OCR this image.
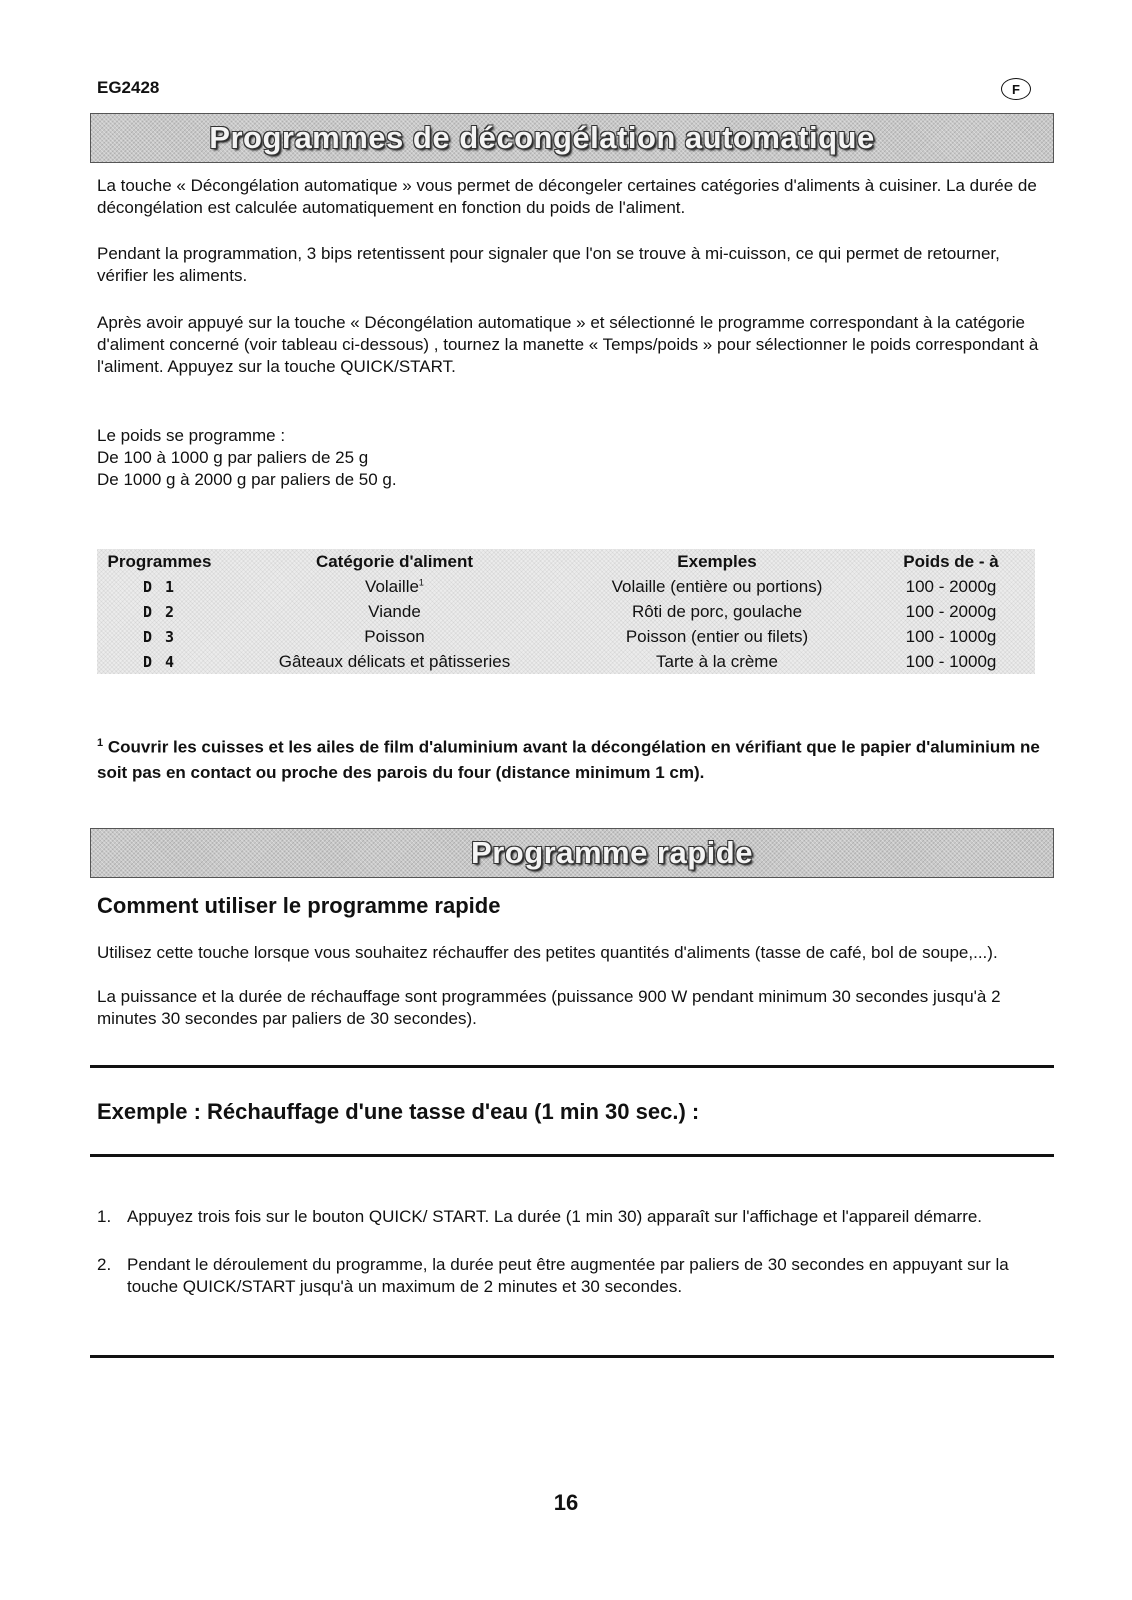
EG2428	F
Programmes de décongélation automatique

La touche « Décongélation automatique » vous permet de décongeler certaines catégories d'aliments à cuisiner. La durée de décongélation est calculée automatiquement en fonction du poids de l'aliment.

Pendant la programmation, 3 bips retentissent pour signaler que l'on se trouve à mi-cuisson, ce qui permet de retourner, vérifier les aliments.

Après avoir appuyé sur la touche « Décongélation automatique » et sélectionné le programme correspondant à la catégorie d'aliment concerné (voir tableau ci-dessous) , tournez la manette « Temps/poids » pour sélectionner le poids correspondant à l'aliment. Appuyez sur la touche QUICK/START.

Le poids se programme :

De 100 à 1000 g par paliers de 25 g

De 1000 g à 2000 g par paliers de 50 g.

Programmes	Catégorie d'aliment	Exemples	Poids de - à
D 1	Volaille$^1$	Volaille (entière ou portions)	100 - 2000g
D 2	Viande	Rôti de porc, goulache	100 - 2000g
D 3	Poisson	Poisson (entier ou filets)	100 - 1000g
D 4	Gâteaux délicats et pâtisseries	Tarte à la crème	100 - 1000g

$^1$ Couvrir les cuisses et les ailes de film d'aluminium avant la décongélation en vérifiant que le papier d'aluminium ne soit pas en contact ou proche des parois du four (distance minimum 1 cm).

Programme rapide
Comment utiliser le programme rapide

Utilisez cette touche lorsque vous souhaitez réchauffer des petites quantités d'aliments (tasse de café, bol de soupe,...).

La puissance et la durée de réchauffage sont programmées (puissance 900 W pendant minimum 30 secondes jusqu'à 2 minutes 30 secondes par paliers de 30 secondes).

Exemple : Réchauffage d'une tasse d'eau (1 min 30 sec.) :
1. Appuyez trois fois sur le bouton QUICK/ START. La durée (1 min 30) apparaît sur l'affichage et l'appareil démarre.
2. Pendant le déroulement du programme, la durée peut être augmentée par paliers de 30 secondes en appuyant sur la touche QUICK/START jusqu'à un maximum de 2 minutes et 30 secondes.
16
